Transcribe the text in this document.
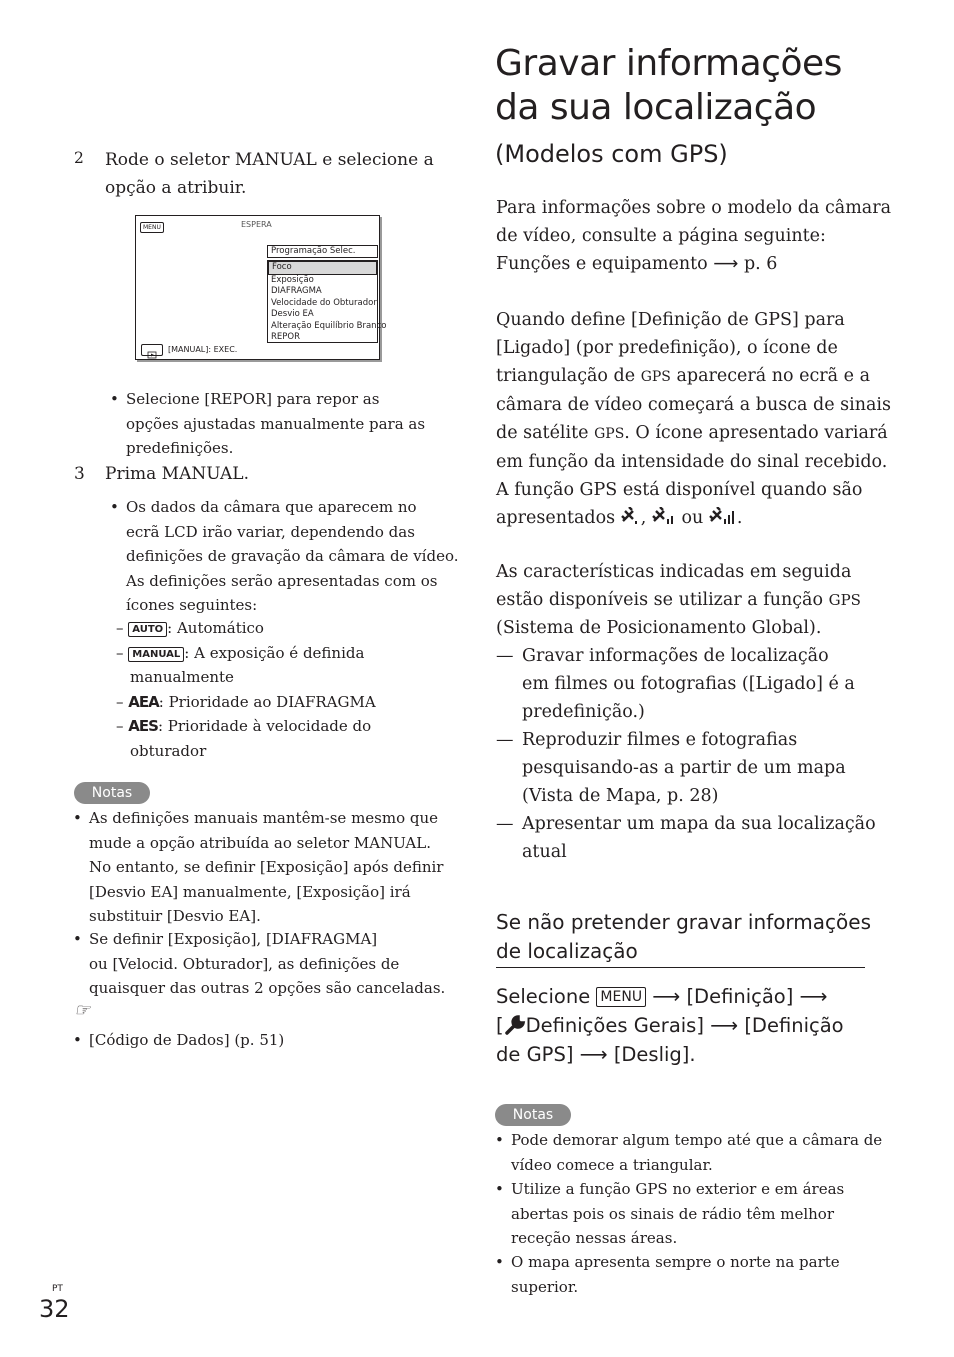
2 Rode o seletor MANUAL e selecione a
opção a atribuir.
MENU	ESPERA
Programação Selec.
Foco
Exposição
DIAFRAGMA
Velocidade do Obturador
Desvio EA
Alteração Equilíbrio Branco
REPOR
[MANUAL]: EXEC.
• Selecione [REPOR] para repor as
opções ajustadas manualmente para as
predefinições.
3 Prima MANUAL.
• Os dados da câmara que aparecem no
ecrã LCD irão variar, dependendo das
definições de gravação da câmara de vídeo.
As definições serão apresentadas com os
ícones seguintes:
– AUTO : Automático
– MANUAL : A exposição é definida
manualmente
– AEA: Prioridade ao DIAFRAGMA
– AES: Prioridade à velocidade do
obturador
Notas
• As definições manuais mantêm-se mesmo que
mude a opção atribuída ao seletor MANUAL.
No entanto, se definir [Exposição] após definir
[Desvio EA] manualmente, [Exposição] irá
substituir [Desvio EA].
• Se definir [Exposição], [DIAFRAGMA]
ou [Velocid. Obturador], as definições de
quaisquer das outras 2 opções são canceladas.
☞
• [Código de Dados] (p. 51)
Gravar informações
da sua localização
(Modelos com GPS)
Para informações sobre o modelo da câmara
de vídeo, consulte a página seguinte:
Funções e equipamento ⟶ p. 6
Quando define [Definição de GPS] para
[Ligado] (por predefinição), o ícone de
triangulação de GPS aparecerá no ecrã e a
câmara de vídeo começará a busca de sinais
de satélite GPS. O ícone apresentado variará
em função da intensidade do sinal recebido.
A função GPS está disponível quando são
apresentados , ou .
As características indicadas em seguida
estão disponíveis se utilizar a função GPS
(Sistema de Posicionamento Global).
— Gravar informações de localização
em filmes ou fotografias ([Ligado] é a
predefinição.)
— Reproduzir filmes e fotografias
pesquisando-as a partir de um mapa
(Vista de Mapa, p. 28)
— Apresentar um mapa da sua localização
atual
Se não pretender gravar informações
de localização
Selecione MENU ⟶ [Definição] ⟶
[ Definições Gerais] ⟶ [Definição
de GPS] ⟶ [Deslig].
Notas
• Pode demorar algum tempo até que a câmara de
vídeo comece a triangular.
• Utilize a função GPS no exterior e em áreas
abertas pois os sinais de rádio têm melhor
receção nessas áreas.
• O mapa apresenta sempre o norte na parte
superior.
PT
32
